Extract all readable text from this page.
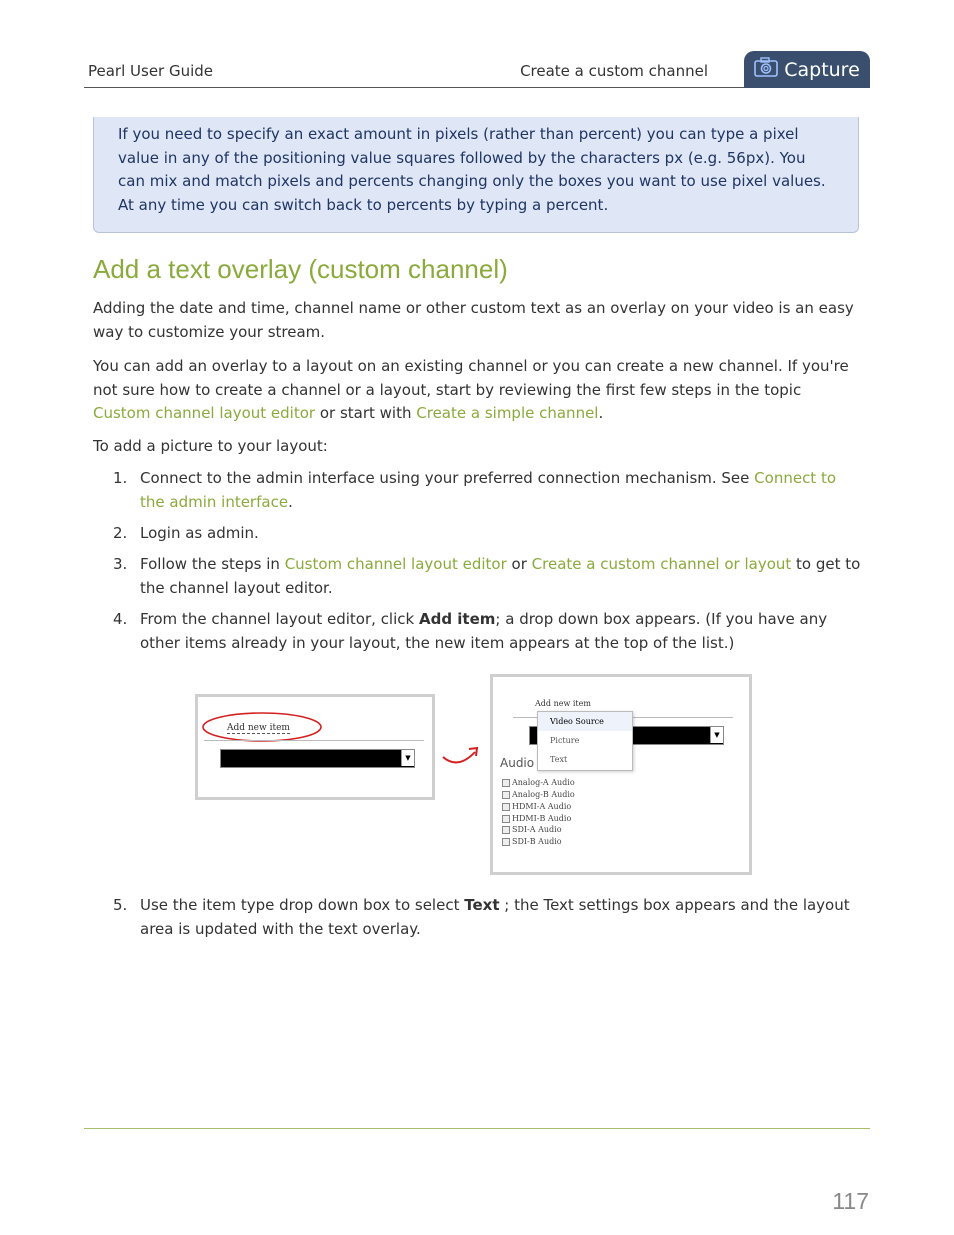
Pearl User Guide	Create a custom channel	Capture
If you need to specify an exact amount in pixels (rather than percent) you can type a pixel value in any of the positioning value squares followed by the characters px (e.g. 56px). You can mix and match pixels and percents changing only the boxes you want to use pixel values. At any time you can switch back to percents by typing a percent.
Add a text overlay (custom channel)

Adding the date and time, channel name or other custom text as an overlay on your video is an easy way to customize your stream.

You can add an overlay to a layout on an existing channel or you can create a new channel. If you're not sure how to create a channel or a layout, start by reviewing the first few steps in the topic Custom channel layout editor or start with Create a simple channel.

To add a picture to your layout:

1. Connect to the admin interface using your preferred connection mechanism. See Connect to the admin interface.
2. Login as admin.
3. Follow the steps in Custom channel layout editor or Create a custom channel or layout to get to the channel layout editor.
4. From the channel layout editor, click Add item; a drop down box appears. (If you have any other items already in your layout, the new item appears at the top of the list.)
Add new item
▼
Add new item
▼
Audio
Video Source
Picture
Text
Analog-A Audio
Analog-B Audio
HDMI-A Audio
HDMI-B Audio
SDI-A Audio
SDI-B Audio
5. Use the item type drop down box to select Text ; the Text settings box appears and the layout area is updated with the text overlay.
117
